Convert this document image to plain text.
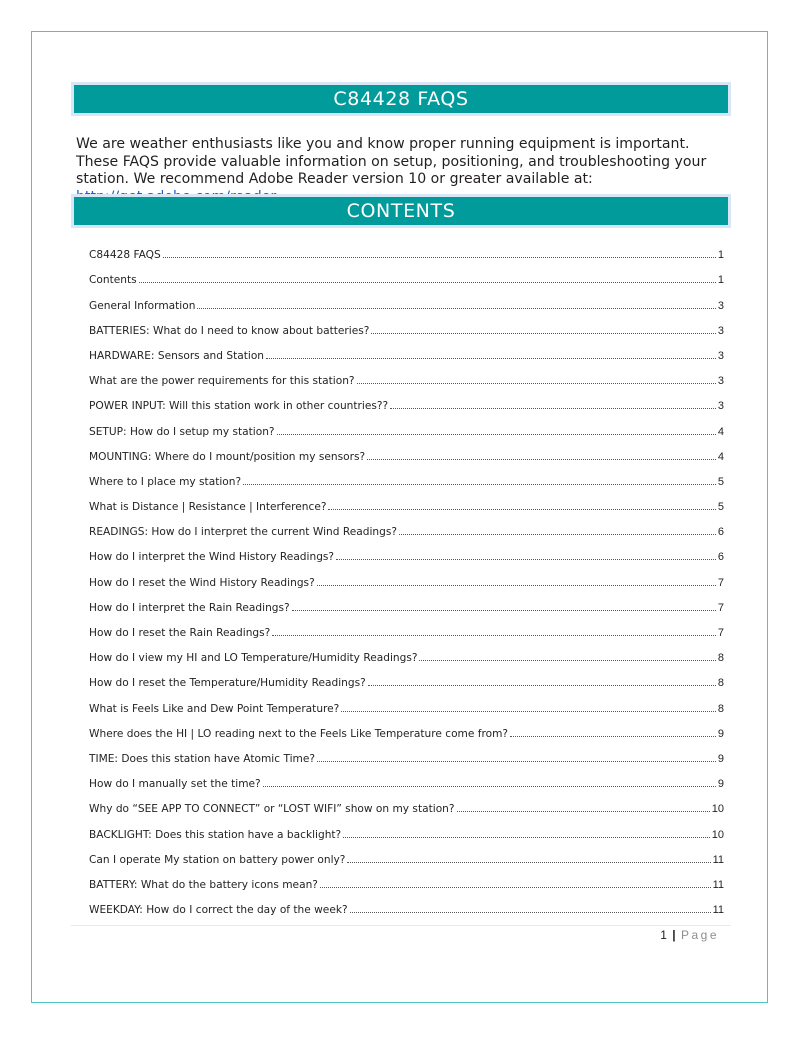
C84428 FAQS
We are weather enthusiasts like you and know proper running equipment is important. These FAQS provide valuable information on setup, positioning, and troubleshooting your station. We recommend Adobe Reader version 10 or greater available at:
CONTENTS
C84428 FAQS	1
Contents	1
General Information	3
BATTERIES: What do I need to know about batteries?	3
HARDWARE: Sensors and Station	3
What are the power requirements for this station?	3
POWER INPUT: Will this station work in other countries??	3
SETUP: How do I setup my station?	4
MOUNTING: Where do I mount/position my sensors?	4
Where to I place my station?	5
What is Distance | Resistance | Interference?	5
READINGS: How do I interpret the current Wind Readings?	6
How do I interpret the Wind History Readings?	6
How do I reset the Wind History Readings?	7
How do I interpret the Rain Readings?	7
How do I reset the Rain Readings?	7
How do I view my HI and LO Temperature/Humidity Readings?	8
How do I reset the Temperature/Humidity Readings?	8
What is Feels Like and Dew Point Temperature?	8
Where does the HI | LO reading next to the Feels Like Temperature come from?	9
TIME: Does this station have Atomic Time?	9
How do I manually set the time?	9
Why do “SEE APP TO CONNECT” or “LOST WIFI” show on my station?	10
BACKLIGHT: Does this station have a backlight?	10
Can I operate My station on battery power only?	11
BATTERY: What do the battery icons mean?	11
WEEKDAY: How do I correct the day of the week?	11
1 | Page
